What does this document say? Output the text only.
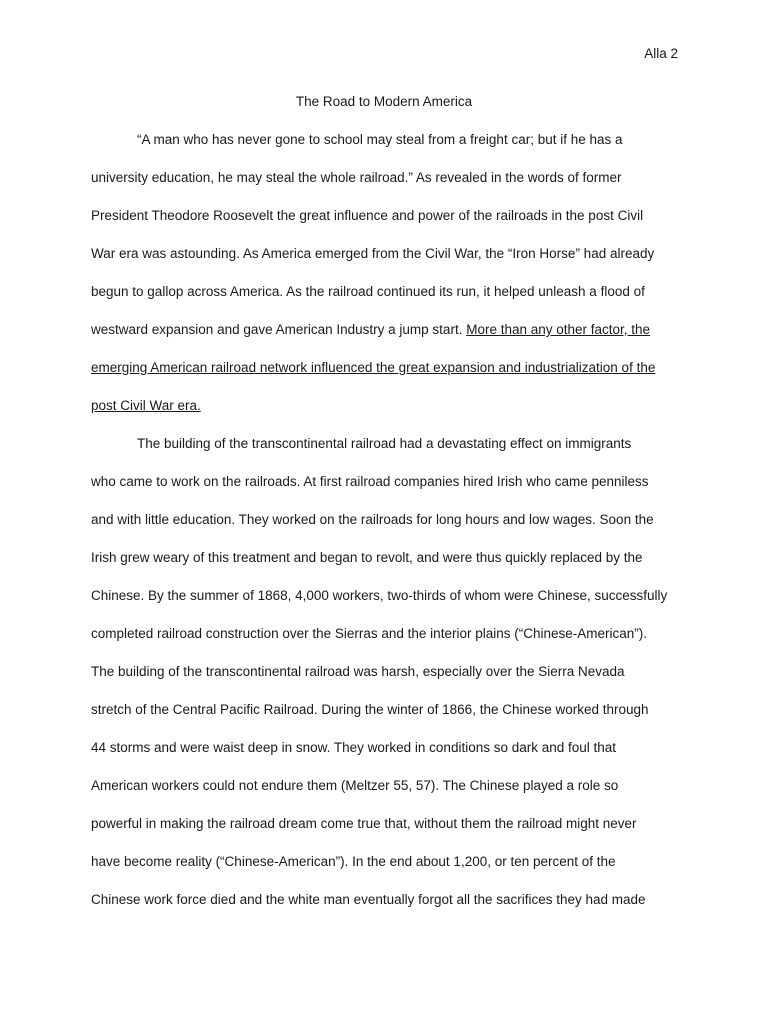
Alla 2
The Road to Modern America
“A man who has never gone to school may steal from a freight car; but if he has a
university education, he may steal the whole railroad.” As revealed in the words of former
President Theodore Roosevelt the great influence and power of the railroads in the post Civil
War era was astounding. As America emerged from the Civil War, the “Iron Horse” had already
begun to gallop across America. As the railroad continued its run, it helped unleash a flood of
westward expansion and gave American Industry a jump start. More than any other factor, the
emerging American railroad network influenced the great expansion and industrialization of the
post Civil War era.
The building of the transcontinental railroad had a devastating effect on immigrants
who came to work on the railroads. At first railroad companies hired Irish who came penniless
and with little education. They worked on the railroads for long hours and low wages. Soon the
Irish grew weary of this treatment and began to revolt, and were thus quickly replaced by the
Chinese. By the summer of 1868, 4,000 workers, two-thirds of whom were Chinese, successfully
completed railroad construction over the Sierras and the interior plains (“Chinese-American”).
The building of the transcontinental railroad was harsh, especially over the Sierra Nevada
stretch of the Central Pacific Railroad. During the winter of 1866, the Chinese worked through
44 storms and were waist deep in snow. They worked in conditions so dark and foul that
American workers could not endure them (Meltzer 55, 57). The Chinese played a role so
powerful in making the railroad dream come true that, without them the railroad might never
have become reality (“Chinese-American”). In the end about 1,200, or ten percent of the
Chinese work force died and the white man eventually forgot all the sacrifices they had made
